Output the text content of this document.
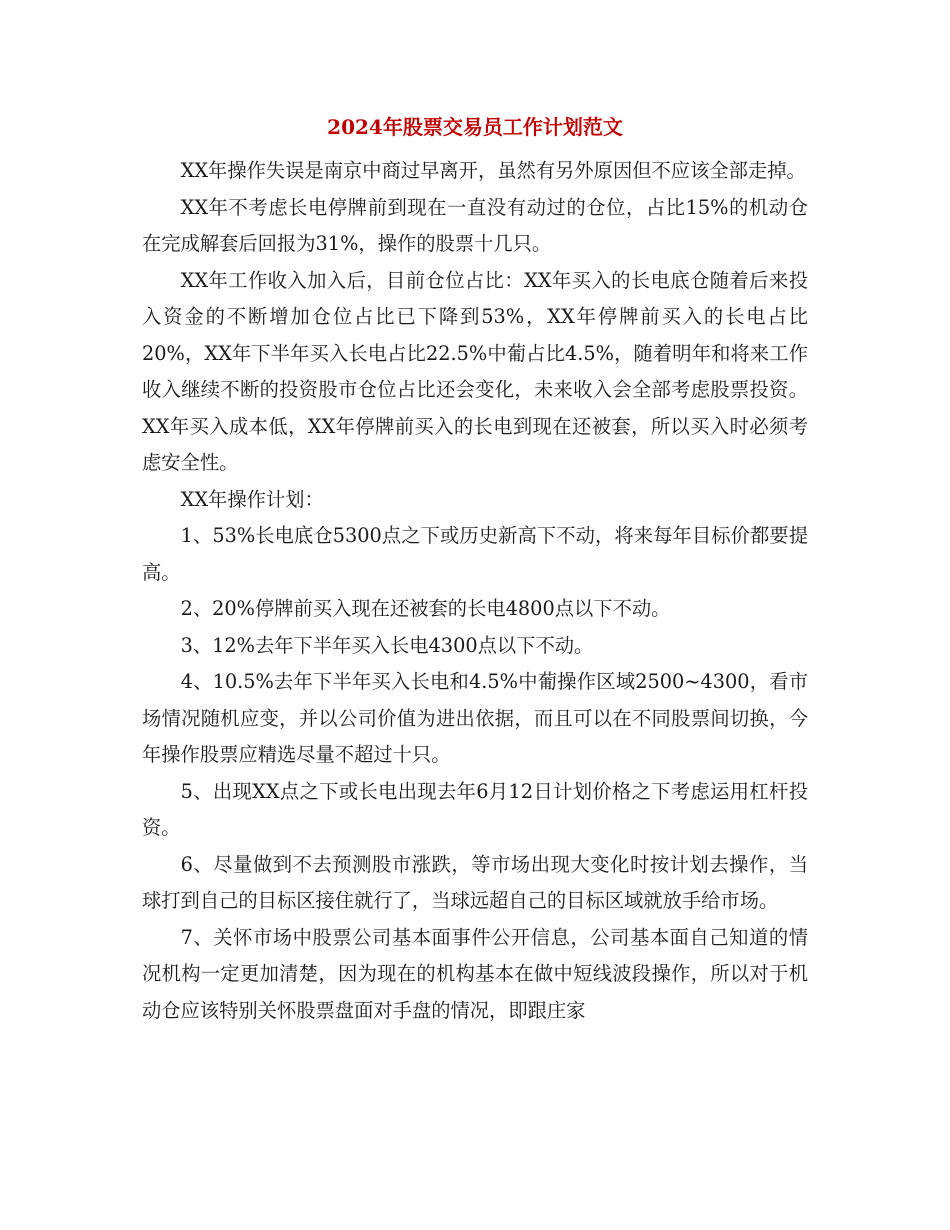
2024年股票交易员工作计划范文

XX年操作失误是南京中商过早离开，虽然有另外原因但不应该全部走掉。

XX年不考虑长电停牌前到现在一直没有动过的仓位，占比15%的机动仓在完成解套后回报为31%，操作的股票十几只。

XX年工作收入加入后，目前仓位占比：XX年买入的长电底仓随着后来投入资金的不断增加仓位占比已下降到53%，XX年停牌前买入的长电占比20%，XX年下半年买入长电占比22.5%中葡占比4.5%，随着明年和将来工作收入继续不断的投资股市仓位占比还会变化，未来收入会全部考虑股票投资。XX年买入成本低，XX年停牌前买入的长电到现在还被套，所以买入时必须考虑安全性。

XX年操作计划：

1、53%长电底仓5300点之下或历史新高下不动，将来每年目标价都要提高。

2、20%停牌前买入现在还被套的长电4800点以下不动。

3、12%去年下半年买入长电4300点以下不动。

4、10.5%去年下半年买入长电和4.5%中葡操作区域2500~4300，看市场情况随机应变，并以公司价值为进出依据，而且可以在不同股票间切换，今年操作股票应精选尽量不超过十只。

5、出现XX点之下或长电出现去年6月12日计划价格之下考虑运用杠杆投资。

6、尽量做到不去预测股市涨跌，等市场出现大变化时按计划去操作，当球打到自己的目标区接住就行了，当球远超自己的目标区域就放手给市场。

7、关怀市场中股票公司基本面事件公开信息，公司基本面自己知道的情况机构一定更加清楚，因为现在的机构基本在做中短线波段操作，所以对于机动仓应该特别关怀股票盘面对手盘的情况，即跟庄家
